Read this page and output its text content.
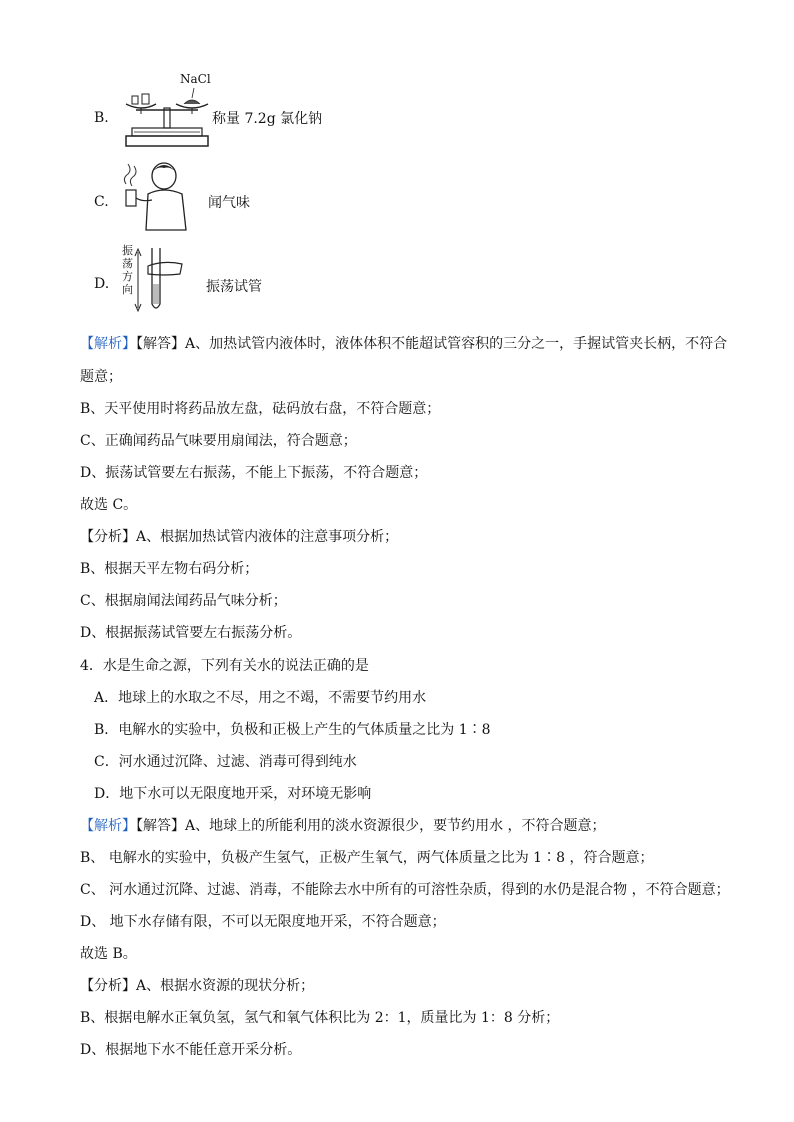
B.
NaCl
称量 7.2g 氯化钠
C.	闻气味
D.
振荡方向	振荡试管
【解析】【解答】A、加热试管内液体时，液体体积不能超试管容积的三分之一，手握试管夹长柄，不符合
题意；
B、天平使用时将药品放左盘，砝码放右盘，不符合题意；
C、正确闻药品气味要用扇闻法，符合题意；
D、振荡试管要左右振荡，不能上下振荡，不符合题意；
故选 C。
【分析】A、根据加热试管内液体的注意事项分析；
B、根据天平左物右码分析；
C、根据扇闻法闻药品气味分析；
D、根据振荡试管要左右振荡分析。
4．水是生命之源，下列有关水的说法正确的是
A．地球上的水取之不尽，用之不竭，不需要节约用水
B．电解水的实验中，负极和正极上产生的气体质量之比为 1∶8
C．河水通过沉降、过滤、消毒可得到纯水
D．地下水可以无限度地开采，对环境无影响
【解析】【解答】A、地球上的所能利用的淡水资源很少，要节约用水 ，不符合题意；
B、 电解水的实验中，负极产生氢气，正极产生氧气，两气体质量之比为 1∶8 ，符合题意；
C、 河水通过沉降、过滤、消毒，不能除去水中所有的可溶性杂质，得到的水仍是混合物 ，不符合题意；
D、 地下水存储有限，不可以无限度地开采，不符合题意；
故选 B。
【分析】A、根据水资源的现状分析；
B、根据电解水正氧负氢，氢气和氧气体积比为 2：1，质量比为 1：8 分析；
D、根据地下水不能任意开采分析。
